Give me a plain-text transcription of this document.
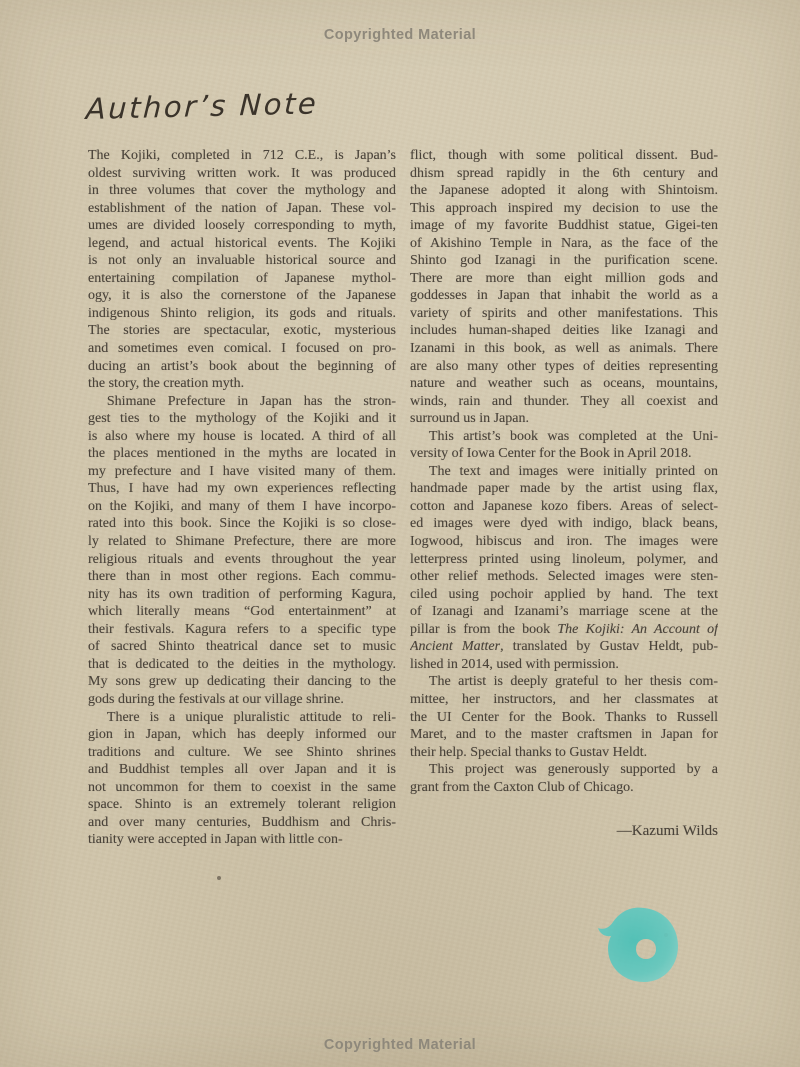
Copyrighted Material
Author’s Note
The Kojiki, completed in 712 C.E., is Japan’s
oldest surviving written work. It was produced
in three volumes that cover the mythology and
establishment of the nation of Japan. These vol-
umes are divided loosely corresponding to myth,
legend, and actual historical events. The Kojiki
is not only an invaluable historical source and
entertaining compilation of Japanese mythol-
ogy, it is also the cornerstone of the Japanese
indigenous Shinto religion, its gods and rituals.
The stories are spectacular, exotic, mysterious
and sometimes even comical. I focused on pro-
ducing an artist’s book about the beginning of
the story, the creation myth.
Shimane Prefecture in Japan has the stron-
gest ties to the mythology of the Kojiki and it
is also where my house is located. A third of all
the places mentioned in the myths are located in
my prefecture and I have visited many of them.
Thus, I have had my own experiences reflecting
on the Kojiki, and many of them I have incorpo-
rated into this book. Since the Kojiki is so close-
ly related to Shimane Prefecture, there are more
religious rituals and events throughout the year
there than in most other regions. Each commu-
nity has its own tradition of performing Kagura,
which literally means “God entertainment” at
their festivals. Kagura refers to a specific type
of sacred Shinto theatrical dance set to music
that is dedicated to the deities in the mythology.
My sons grew up dedicating their dancing to the
gods during the festivals at our village shrine.
There is a unique pluralistic attitude to reli-
gion in Japan, which has deeply informed our
traditions and culture. We see Shinto shrines
and Buddhist temples all over Japan and it is
not uncommon for them to coexist in the same
space. Shinto is an extremely tolerant religion
and over many centuries, Buddhism and Chris-
tianity were accepted in Japan with little con-
flict, though with some political dissent. Bud-
dhism spread rapidly in the 6th century and
the Japanese adopted it along with Shintoism.
This approach inspired my decision to use the
image of my favorite Buddhist statue, Gigei-ten
of Akishino Temple in Nara, as the face of the
Shinto god Izanagi in the purification scene.
There are more than eight million gods and
goddesses in Japan that inhabit the world as a
variety of spirits and other manifestations. This
includes human-shaped deities like Izanagi and
Izanami in this book, as well as animals. There
are also many other types of deities representing
nature and weather such as oceans, mountains,
winds, rain and thunder. They all coexist and
surround us in Japan.
This artist’s book was completed at the Uni-
versity of Iowa Center for the Book in April 2018.
The text and images were initially printed on
handmade paper made by the artist using flax,
cotton and Japanese kozo fibers. Areas of select-
ed images were dyed with indigo, black beans,
Iogwood, hibiscus and iron. The images were
letterpress printed using linoleum, polymer, and
other relief methods. Selected images were sten-
ciled using pochoir applied by hand. The text
of Izanagi and Izanami’s marriage scene at the
pillar is from the book The Kojiki: An Account of
Ancient Matter, translated by Gustav Heldt, pub-
lished in 2014, used with permission.
The artist is deeply grateful to her thesis com-
mittee, her instructors, and her classmates at
the UI Center for the Book. Thanks to Russell
Maret, and to the master craftsmen in Japan for
their help. Special thanks to Gustav Heldt.
This project was generously supported by a
grant from the Caxton Club of Chicago.
—Kazumi Wilds
Copyrighted Material
